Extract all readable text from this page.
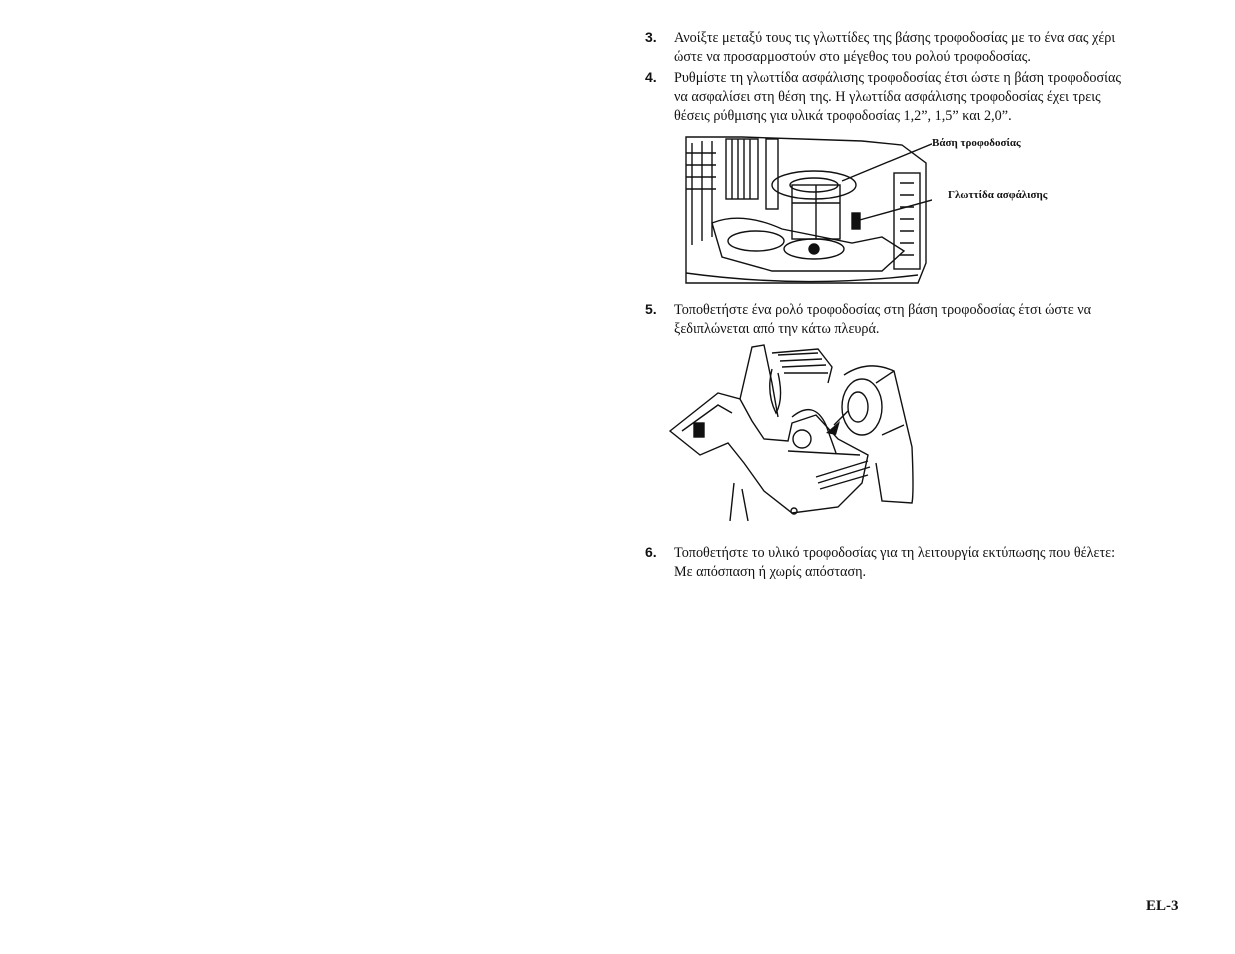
3. Ανοίξτε μεταξύ τους τις γλωττίδες της βάσης τροφοδοσίας με το ένα σας χέρι
ώστε να προσαρμοστούν στο μέγεθος του ρολού τροφοδοσίας.
4. Ρυθμίστε τη γλωττίδα ασφάλισης τροφοδοσίας έτσι ώστε η βάση τροφοδοσίας
να ασφαλίσει στη θέση της. Η γλωττίδα ασφάλισης τροφοδοσίας έχει τρεις
θέσεις ρύθμισης για υλικά τροφοδοσίας 1,2”, 1,5” και 2,0”.
Βάση τροφοδοσίας
Γλωττίδα ασφάλισης
5. Τοποθετήστε ένα ρολό τροφοδοσίας στη βάση τροφοδοσίας έτσι ώστε να
ξεδιπλώνεται από την κάτω πλευρά.
6. Τοποθετήστε το υλικό τροφοδοσίας για τη λειτουργία εκτύπωσης που θέλετε:
Με απόσπαση ή χωρίς απόσταση.
EL-3
